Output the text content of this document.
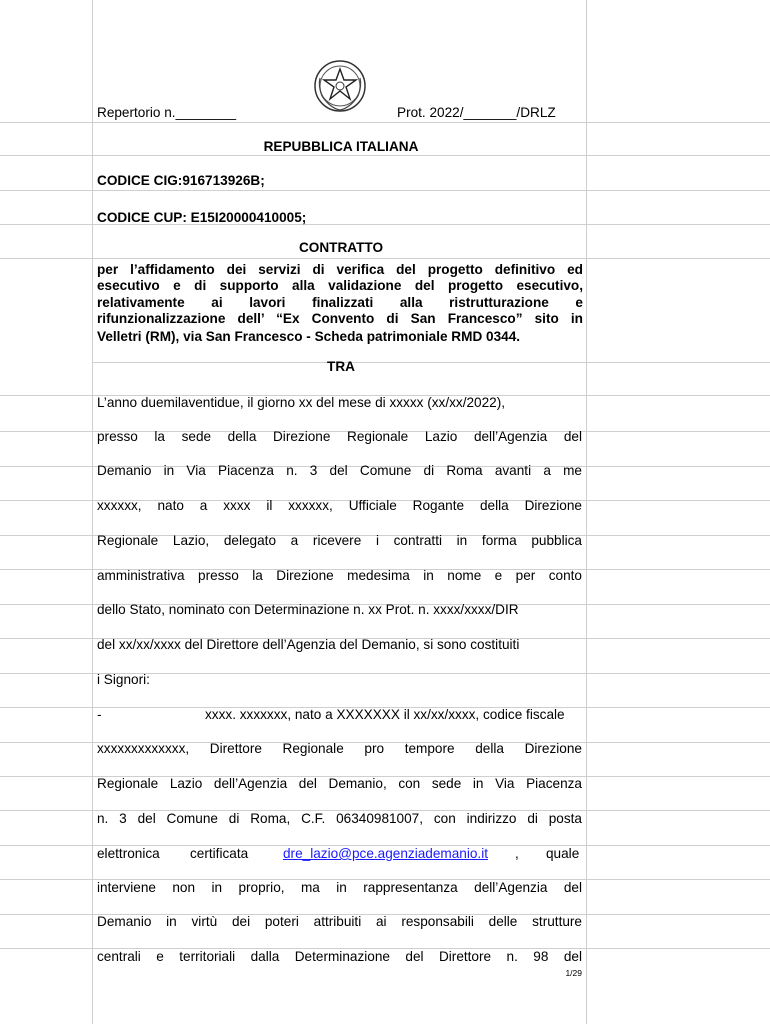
Repertorio n.________	Prot. 2022/_______/DRLZ
REPUBBLICA ITALIANA
CODICE CIG:916713926B;
CODICE CUP: E15I20000410005;
CONTRATTO
per l’affidamento dei servizi di verifica del progetto definitivo ed
esecutivo e di supporto alla validazione del progetto esecutivo,
relativamente ai lavori finalizzati alla ristrutturazione e
rifunzionalizzazione dell’ “Ex Convento di San Francesco” sito in
Velletri (RM), via San Francesco - Scheda patrimoniale RMD 0344.
TRA
L’anno duemilaventidue, il giorno xx del mese di xxxxx (xx/xx/2022),
presso la sede della Direzione Regionale Lazio dell’Agenzia del
Demanio in Via Piacenza n. 3 del Comune di Roma avanti a me
xxxxxx, nato a xxxx il xxxxxx, Ufficiale Rogante della Direzione
Regionale Lazio, delegato a ricevere i contratti in forma pubblica
amministrativa presso la Direzione medesima in nome e per conto
dello Stato, nominato con Determinazione n. xx Prot. n. xxxx/xxxx/DIR
del xx/xx/xxxx del Direttore dell’Agenzia del Demanio, si sono costituiti
i Signori:
-	xxxx. xxxxxxx, nato a XXXXXXX il xx/xx/xxxx, codice fiscale
xxxxxxxxxxxxx, Direttore Regionale pro tempore della Direzione
Regionale Lazio dell’Agenzia del Demanio, con sede in Via Piacenza
n. 3 del Comune di Roma, C.F. 06340981007, con indirizzo di posta
elettronica certificata	dre_lazio@pce.agenziademanio.it , quale
interviene non in proprio, ma in rappresentanza dell’Agenzia del
Demanio in virtù dei poteri attribuiti ai responsabili delle strutture
centrali e territoriali dalla Determinazione del Direttore n. 98 del
1/29
